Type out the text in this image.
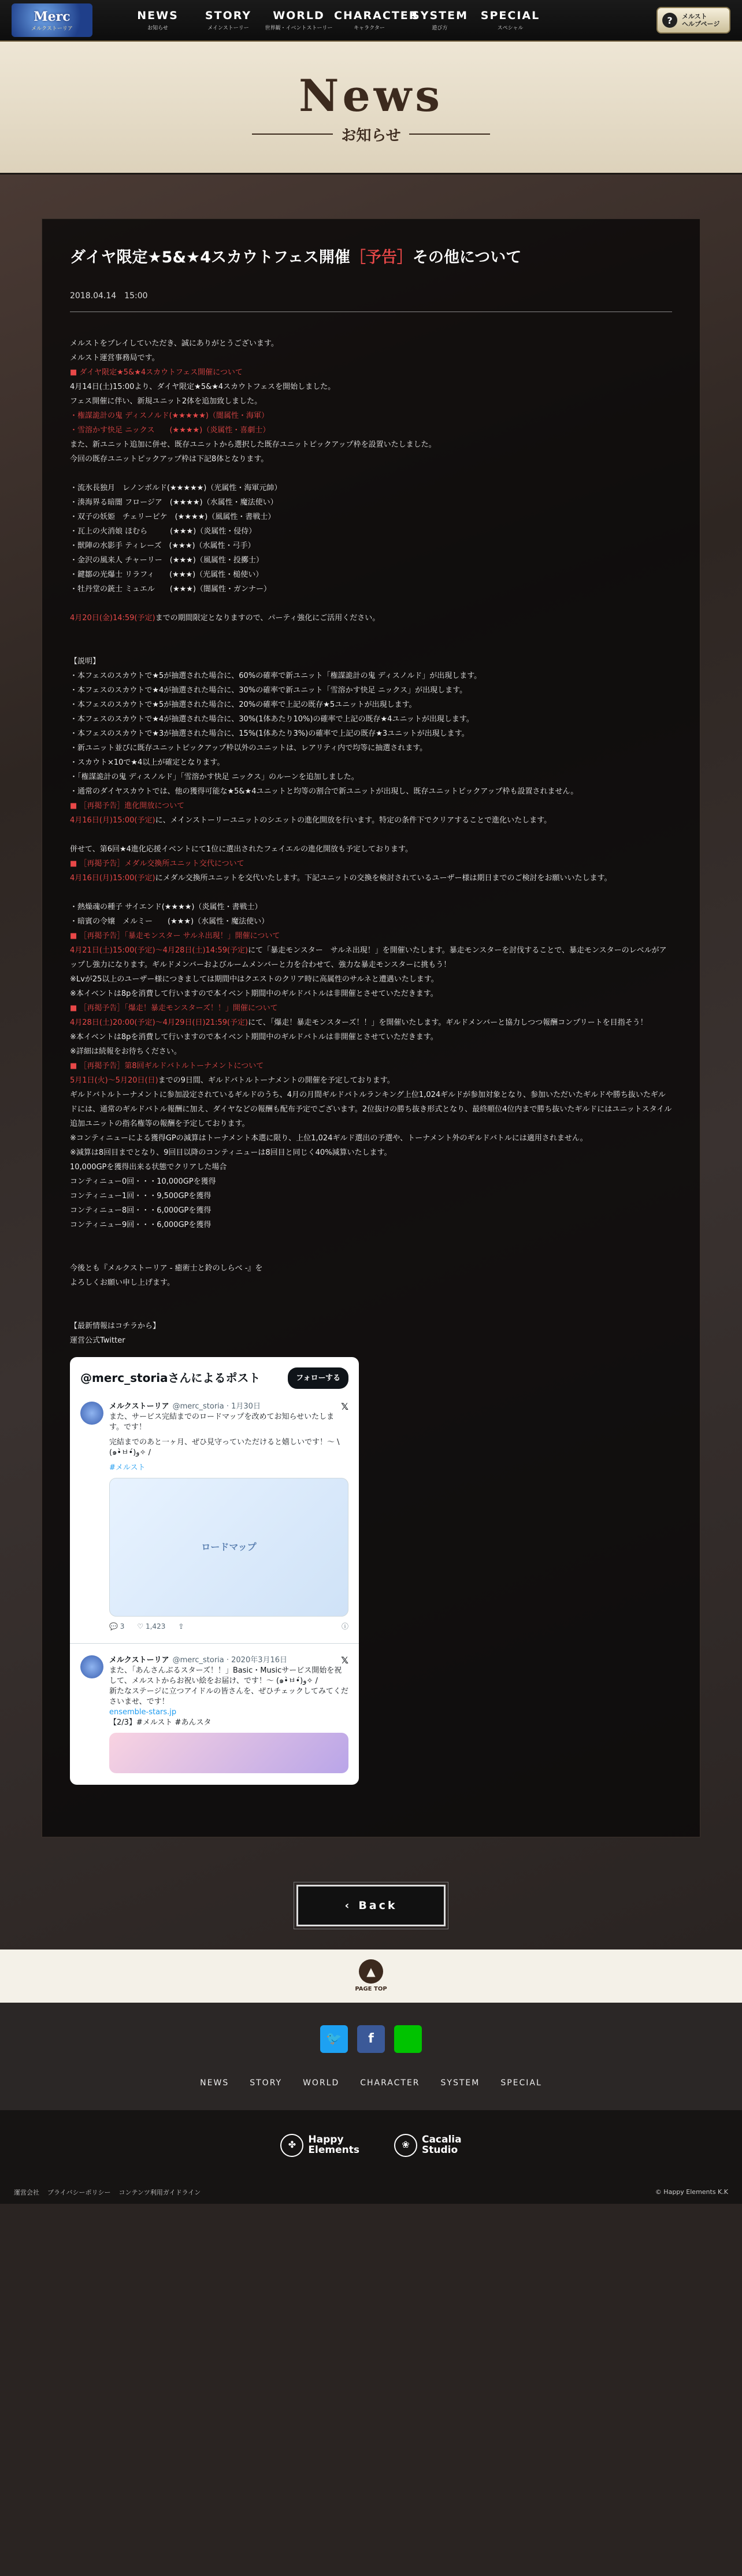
Merc
メルクストーリア
NEWS
お知らせ
STORY
メインストーリー
WORLD
世界観・イベントストーリー
CHARACTER
キャラクター
SYSTEM
遊び方
SPECIAL
スペシャル
?	メルスト
ヘルプページ
News
お知らせ
ダイヤ限定★5&★4スカウトフェス開催［予告］その他について
2018.04.14　15:00

メルストをプレイしていただき、誠にありがとうございます。

メルスト運営事務局です。

■ ダイヤ限定★5&★4スカウトフェス開催について

4月14日(土)15:00より、ダイヤ限定★5&★4スカウトフェスを開始しました。

フェス開催に伴い、新規ユニット2体を追加致しました。

・権謀詭計の鬼 ディスノルド(★★★★★)（闇属性・海軍）

・雪溶かす快足 ニックス　　(★★★★)（炎属性・喜劇士）

また、新ユニット追加に併せ、既存ユニットから選択した既存ユニットピックアップ枠を設置いたしました。

今回の既存ユニットピックアップ枠は下記8体となります。

・流氷長独月　レノンボルド(★★★★★)（光属性・海軍元帥）

・湊海界る暗闇 フロージア　(★★★★)（水属性・魔法使い）

・双子の妖姫　チェリーピケ　(★★★★)（風属性・書戦士）

・瓦上の火消娘 ほむら　　　(★★★)（炎属性・侵侍）

・獣陣の水影手 ティレーズ　(★★★)（水属性・弓手）

・金沢の風来人 チャーリー　(★★★)（風属性・投擲士）

・鍵鄒の光爆士 リラフィ　　(★★★)（光属性・槌使い）

・牡丹堂の銃士 ミュエル　　(★★★)（闇属性・ガンナー）

4月20日(金)14:59(予定)までの期間限定となりますので、パーティ強化にご活用ください。

【説明】

・本フェスのスカウトで★5が抽選された場合に、60%の確率で新ユニット「権謀詭計の鬼 ディスノルド」が出現します。

・本フェスのスカウトで★4が抽選された場合に、30%の確率で新ユニット「雪溶かす快足 ニックス」が出現します。

・本フェスのスカウトで★5が抽選された場合に、20%の確率で上記の既存★5ユニットが出現します。

・本フェスのスカウトで★4が抽選された場合に、30%(1体あたり10%)の確率で上記の既存★4ユニットが出現します。

・本フェスのスカウトで★3が抽選された場合に、15%(1体あたり3%)の確率で上記の既存★3ユニットが出現します。

・新ユニット並びに既存ユニットピックアップ枠以外のユニットは、レアリティ内で均等に抽選されます。

・スカウト×10で★4以上が確定となります。

・「権謀詭計の鬼 ディスノルド」「雪溶かす快足 ニックス」のルーンを追加しました。

・通常のダイヤスカウトでは、他の獲得可能な★5&★4ユニットと均等の割合で新ユニットが出現し、既存ユニットピックアップ枠も設置されません。

■ ［再掲予告］進化開放について

4月16日(月)15:00(予定)に、メインストーリーユニットのシエットの進化開放を行います。特定の条件下でクリアすることで進化いたします。

併せて、第6回★4進化応援イベントにて1位に選出されたフェイエルの進化開放も予定しております。

■ ［再掲予告］メダル交換所ユニット交代について

4月16日(月)15:00(予定)にメダル交換所ユニットを交代いたします。下記ユニットの交換を検討されているユーザー様は期日までのご検討をお願いいたします。

・熱燥魂の種子 サイエンド(★★★★)（炎属性・書戦士）

・暗賓の令嬢　メルミー　　(★★★)（水属性・魔法使い）

■ ［再掲予告］「暴走モンスター サルネ出現！」開催について

4月21日(土)15:00(予定)～4月28日(土)14:59(予定)にて「暴走モンスター　サルネ出現！」を開催いたします。暴走モンスターを討伐することで、暴走モンスターのレベルがアップし強力になります。ギルドメンバーおよびルームメンバーと力を合わせて、強力な暴走モンスターに挑もう！

※Lvが25以上のユーザー様につきましては期間中はクエストのクリア時に高属性のサルネと遭遇いたします。

※本イベントは8pを消費して行いますので本イベント期間中のギルドバトルは非開催とさせていただきます。

■ ［再掲予告］「爆走！暴走モンスターズ！！」開催について

4月28日(土)20:00(予定)～4月29日(日)21:59(予定)にて、「爆走！暴走モンスターズ！！」を開催いたします。ギルドメンバーと協力しつつ報酬コンプリートを目指そう！

※本イベントは8pを消費して行いますので本イベント期間中のギルドバトルは非開催とさせていただきます。

※詳細は続報をお待ちください。

■ ［再掲予告］第8回ギルドバトルトーナメントについて

5月1日(火)～5月20日(日)までの9日間、ギルドバトルトーナメントの開催を予定しております。

ギルドバトルトーナメントに参加設定されているギルドのうち、4月の月間ギルドバトルランキング上位1,024ギルドが参加対象となり、参加いただいたギルドや勝ち抜いたギルドには、通常のギルドバトル報酬に加え、ダイヤなどの報酬も配布予定でございます。2位抜けの勝ち抜き形式となり、最終順位4位内まで勝ち抜いたギルドにはユニットスタイル追加ユニットの指名権等の報酬を予定しております。

※コンティニューによる獲得GPの減算はトーナメント本選に限り、上位1,024ギルド選出の予選や、トーナメント外のギルドバトルには適用されません。

※減算は8回目までとなり、9回目以降のコンティニューは8回目と同じく40%減算いたします。

10,000GPを獲得出来る状態でクリアした場合

コンティニュー0回・・・10,000GPを獲得

コンティニュー1回・・・9,500GPを獲得

コンティニュー8回・・・6,000GPを獲得

コンティニュー9回・・・6,000GPを獲得

今後とも『メルクストーリア - 癒術士と鈴のしらべ -』を

よろしくお願い申し上げます。

【最新情報はコチラから】

運営公式Twitter

@merc_storiaさんによるポスト	フォローする
メルクストーリア @merc_storia · 1月30日	𝕏
また、サービス完結までのロードマップを改めてお知らせいたします。です！
完結までのあと一ヶ月、ぜひ見守っていただけると嬉しいです！～ \(๑•̀ㅂ•́)و✧ /
#メルスト
ロードマップ
💬 3 ♡ 1,423 ⇪	ⓘ
メルクストーリア @merc_storia · 2020年3月16日	𝕏
また、「あんさんぶるスターズ！！」Basic・Musicサービス開始を祝して、メルストからお祝い絵をお届け、です！～ (๑•̀ㅂ•́)و✧ /
新たなステージに立つアイドルの皆さんを、ぜひチェックしてみてくださいませ、です！
ensemble-stars.jp
【2/3】#メルスト #あんスタ
‹ Back
▲
PAGE TOP
🐦	f
NEWS	STORY	WORLD	CHARACTER	SYSTEM	SPECIAL
✤	Happy
Elements	❀	Cacalia
Studio
運営会社 プライバシーポリシー コンテンツ利用ガイドライン	© Happy Elements K.K
